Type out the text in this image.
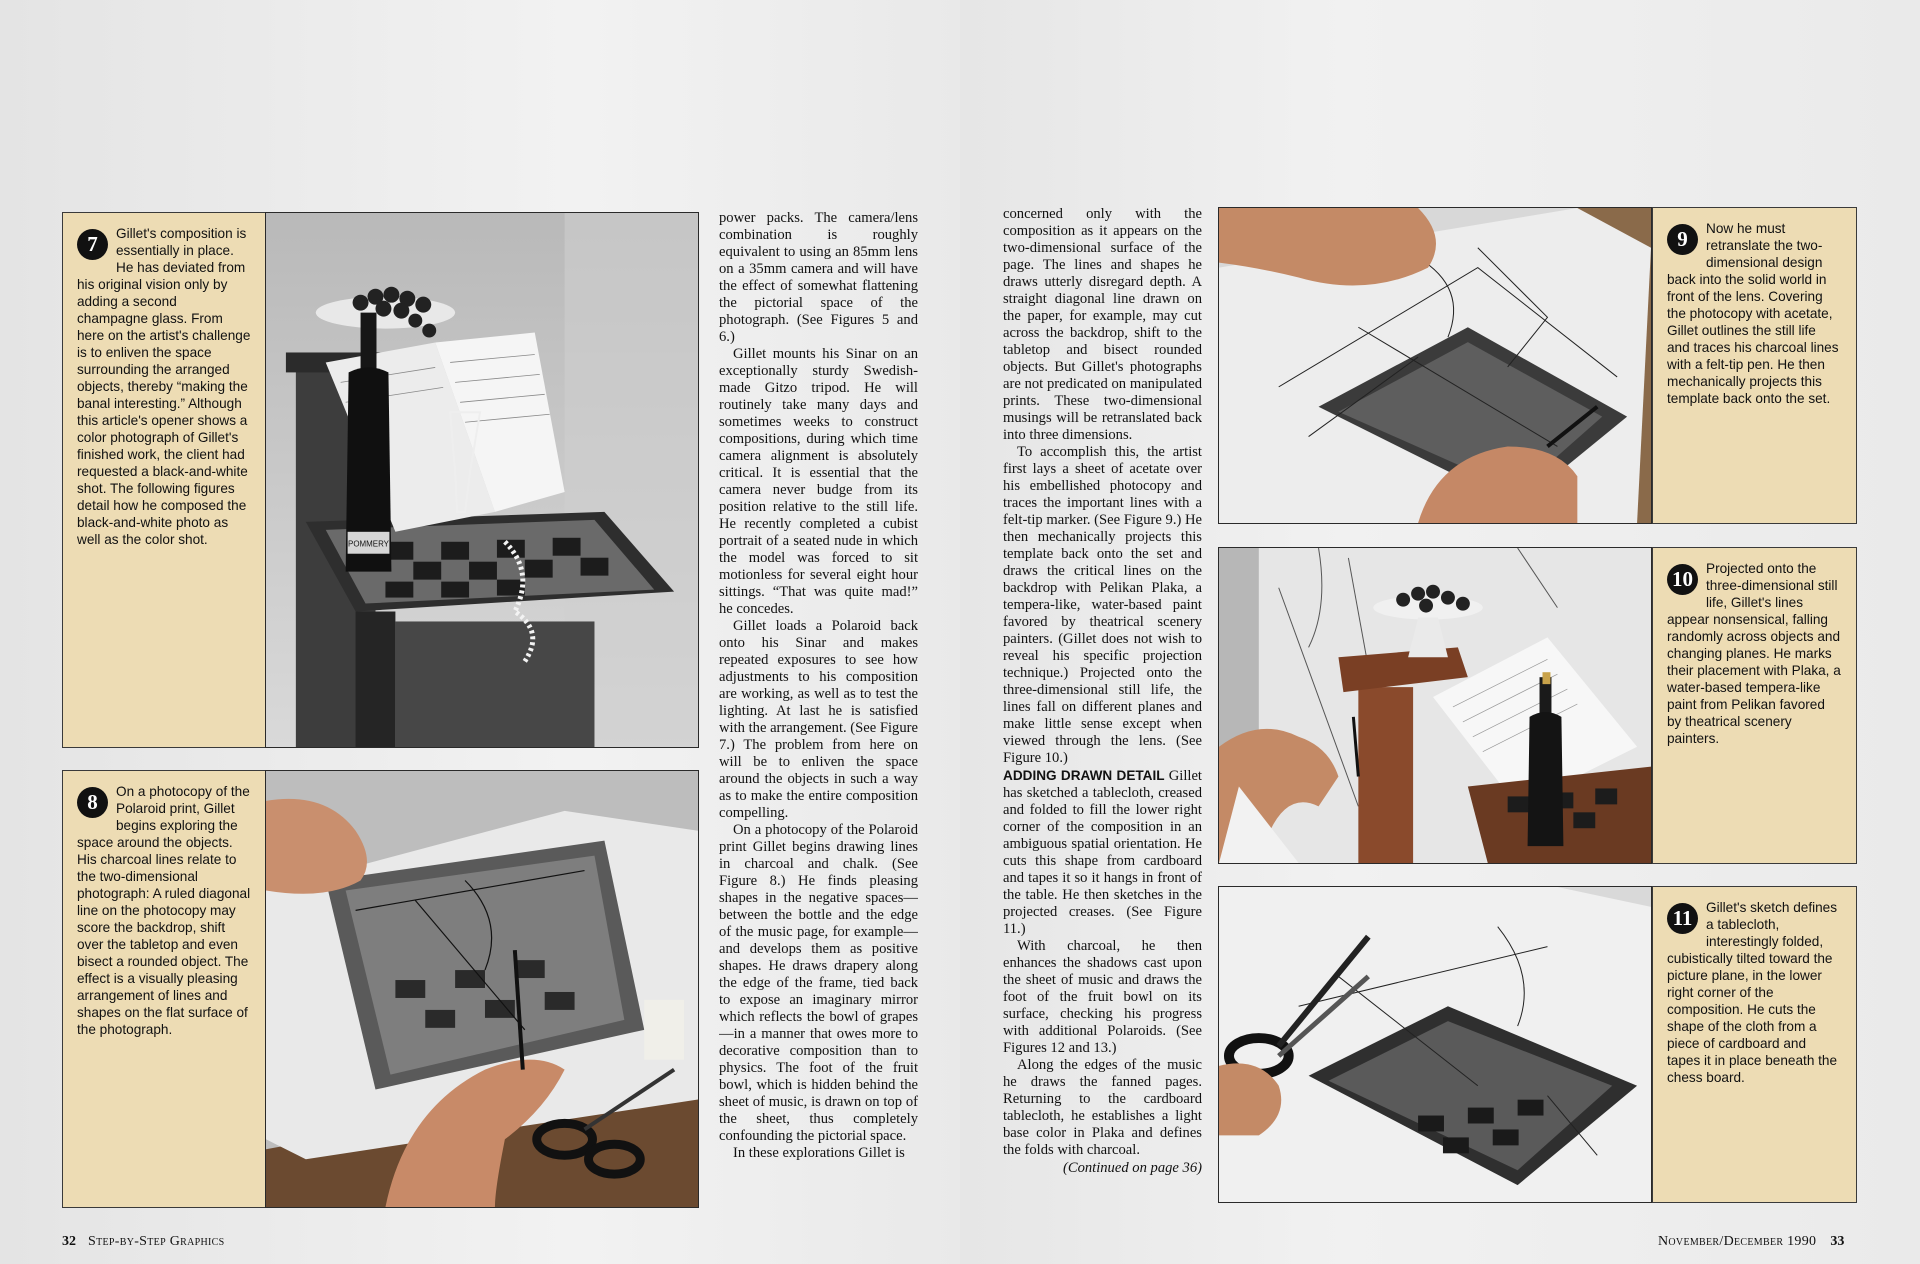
7	Gillet's composition is essentially in place. He has deviated from his original vision only by adding a second champagne glass. From here on the artist's challenge is to enliven the space surrounding the arranged objects, thereby “making the banal interesting.” Although this article's opener shows a color photograph of Gillet's finished work, the client had requested a black-and-white shot. The following figures detail how he composed the black-and-white photo as well as the color shot.	POMMERY
8	On a photocopy of the Polaroid print, Gillet begins exploring the space around the objects. His charcoal lines relate to the two-dimensional photograph: A ruled diagonal line on the photocopy may score the backdrop, shift over the tabletop and even bisect a rounded object. The effect is a visually pleasing arrangement of lines and shapes on the flat surface of the photograph.

power packs. The camera/lens combination is roughly equivalent to using an 85mm lens on a 35mm camera and will have the effect of somewhat flattening the pictorial space of the photograph. (See Figures 5 and 6.)

Gillet mounts his Sinar on an exceptionally sturdy Swedish-made Gitzo tripod. He will routinely take many days and sometimes weeks to construct compositions, during which time camera alignment is absolutely critical. It is essential that the camera never budge from its position relative to the still life. He recently completed a cubist portrait of a seated nude in which the model was forced to sit motionless for several eight hour sittings. “That was quite mad!” he concedes.

Gillet loads a Polaroid back onto his Sinar and makes repeated exposures to see how adjustments to his composition are working, as well as to test the lighting. At last he is satisfied with the arrangement. (See Figure 7.) The problem from here on will be to enliven the space around the objects in such a way as to make the entire composition compelling.

On a photocopy of the Polaroid print Gillet begins drawing lines in charcoal and chalk. (See Figure 8.) He finds pleasing shapes in the negative spaces—between the bottle and the edge of the music page, for example—and develops them as positive shapes. He draws drapery along the edge of the frame, tied back to expose an imaginary mirror which reflects the bowl of grapes—in a manner that owes more to decorative composition than to physics. The foot of the fruit bowl, which is hidden behind the sheet of music, is drawn on top of the sheet, thus completely confounding the pictorial space.

In these explorations Gillet is

32 Step-by-Step Graphics

concerned only with the composition as it appears on the two-dimensional surface of the page. The lines and shapes he draws utterly disregard depth. A straight diagonal line drawn on the paper, for example, may cut across the backdrop, shift to the tabletop and bisect rounded objects. But Gillet's photographs are not predicated on manipulated prints. These two-dimensional musings will be retranslated back into three dimensions.

To accomplish this, the artist first lays a sheet of acetate over his embellished photocopy and traces the important lines with a felt-tip marker. (See Figure 9.) He then mechanically projects this template back onto the set and draws the critical lines on the backdrop with Pelikan Plaka, a tempera-like, water-based paint favored by theatrical scenery painters. (Gillet does not wish to reveal his specific projection technique.) Projected onto the three-dimensional still life, the lines fall on different planes and make little sense except when viewed through the lens. (See Figure 10.)

ADDING DRAWN DETAIL Gillet has sketched a tablecloth, creased and folded to fill the lower right corner of the composition in an ambiguous spatial orientation. He cuts this shape from cardboard and tapes it so it hangs in front of the table. He then sketches in the projected creases. (See Figure 11.)

With charcoal, he then enhances the shadows cast upon the sheet of music and draws the foot of the fruit bowl on its surface, checking his progress with additional Polaroids. (See Figures 12 and 13.)

Along the edges of the music he draws the fanned pages. Returning to the cardboard tablecloth, he establishes a light base color in Plaka and defines the folds with charcoal.

(Continued on page 36)
9	Now he must retranslate the two-dimensional design back into the solid world in front of the lens. Covering the photocopy with acetate, Gillet outlines the still life and traces his charcoal lines with a felt-tip pen. He then mechanically projects this template back onto the set.
10 Projected onto the three-dimensional still life, Gillet's lines appear nonsensical, falling randomly across objects and changing planes. He marks their placement with Plaka, a water-based tempera-like paint from Pelikan favored by theatrical scenery painters.
11 Gillet's sketch defines a tablecloth, interestingly folded, cubistically tilted toward the picture plane, in the lower right corner of the composition. He cuts the shape of the cloth from a piece of cardboard and tapes it in place beneath the chess board.
November/December 1990 33
